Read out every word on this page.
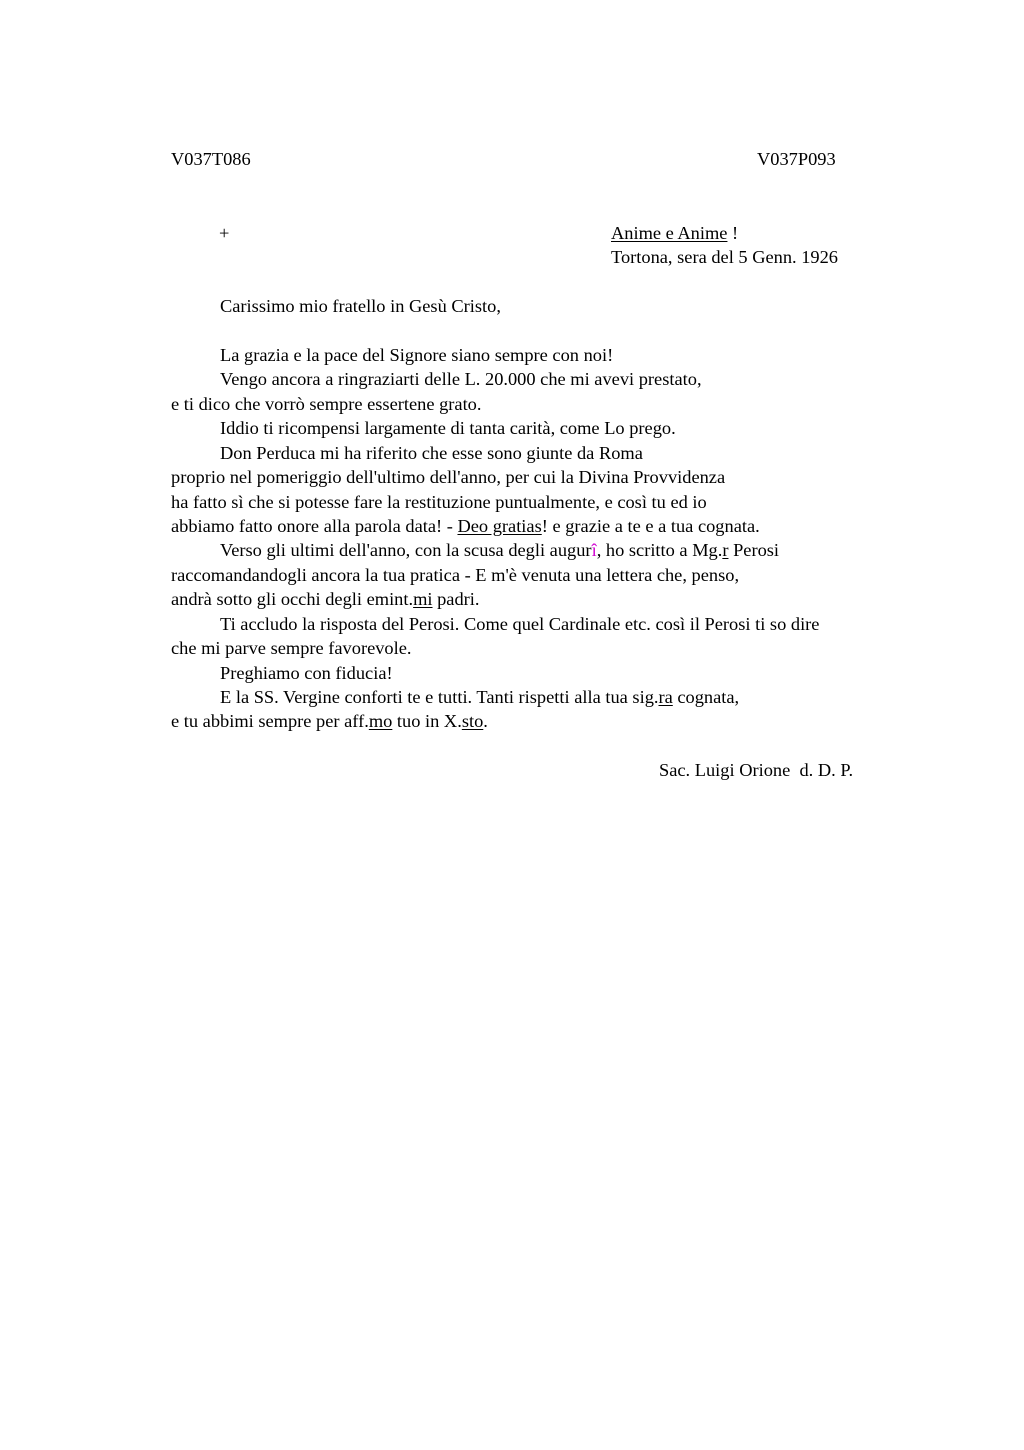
V037T086	V037P093
+	Anime e Anime !
Tortona, sera del 5 Genn. 1926
Carissimo mio fratello in Gesù Cristo,
La grazia e la pace del Signore siano sempre con noi!
Vengo ancora a ringraziarti delle L. 20.000 che mi avevi prestato,
e ti dico che vorrò sempre essertene grato.
Iddio ti ricompensi largamente di tanta carità, come Lo prego.
Don Perduca mi ha riferito che esse sono giunte da Roma
proprio nel pomeriggio dell'ultimo dell'anno, per cui la Divina Provvidenza
ha fatto sì che si potesse fare la restituzione puntualmente, e così tu ed io
abbiamo fatto onore alla parola data! - Deo gratias! e grazie a te e a tua cognata.
Verso gli ultimi dell'anno, con la scusa degli augurî, ho scritto a Mg.r Perosi
raccomandandogli ancora la tua pratica - E m'è venuta una lettera che, penso,
andrà sotto gli occhi degli emint.mi padri.
Ti accludo la risposta del Perosi. Come quel Cardinale etc. così il Perosi ti so dire
che mi parve sempre favorevole.
Preghiamo con fiducia!
E la SS. Vergine conforti te e tutti. Tanti rispetti alla tua sig.ra cognata,
e tu abbimi sempre per aff.mo tuo in X.sto.
Sac. Luigi Orione  d. D. P.
